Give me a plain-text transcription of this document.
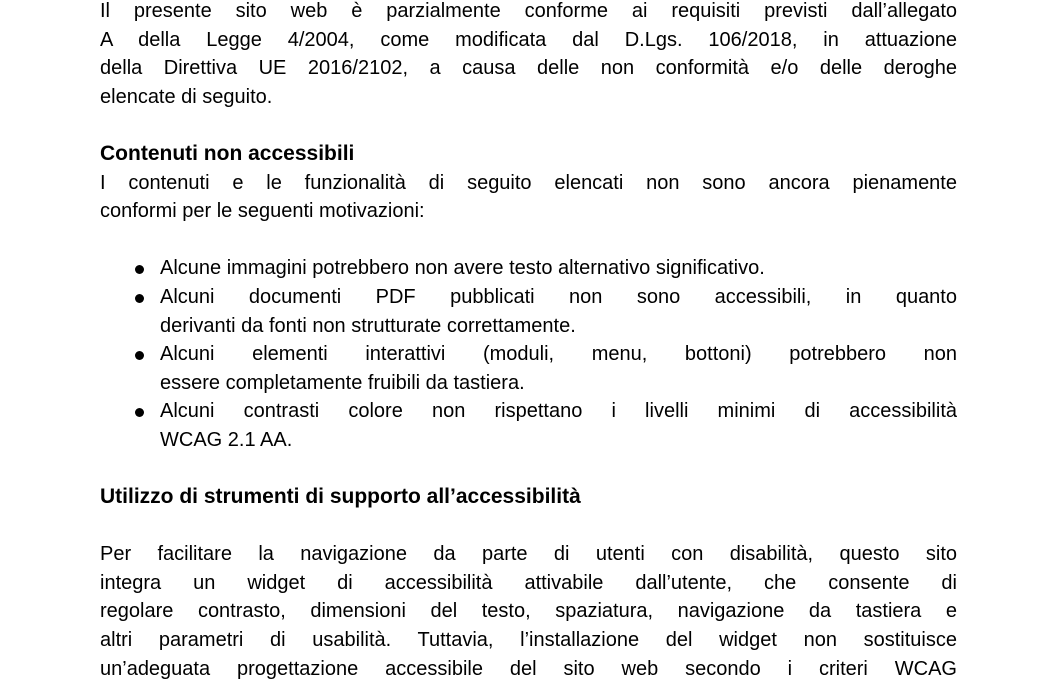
Il presente sito web è parzialmente conforme ai requisiti previsti dall’allegato
A della Legge 4/2004, come modificata dal D.Lgs. 106/2018, in attuazione
della Direttiva UE 2016/2102, a causa delle non conformità e/o delle deroghe
elencate di seguito.
Contenuti non accessibili
I contenuti e le funzionalità di seguito elencati non sono ancora pienamente
conformi per le seguenti motivazioni:
Alcune immagini potrebbero non avere testo alternativo significativo.
Alcuni documenti PDF pubblicati non sono accessibili, in quanto
derivanti da fonti non strutturate correttamente.
Alcuni elementi interattivi (moduli, menu, bottoni) potrebbero non
essere completamente fruibili da tastiera.
Alcuni contrasti colore non rispettano i livelli minimi di accessibilità
WCAG 2.1 AA.
Utilizzo di strumenti di supporto all’accessibilità
Per facilitare la navigazione da parte di utenti con disabilità, questo sito
integra un widget di accessibilità attivabile dall’utente, che consente di
regolare contrasto, dimensioni del testo, spaziatura, navigazione da tastiera e
altri parametri di usabilità. Tuttavia, l’installazione del widget non sostituisce
un’adeguata progettazione accessibile del sito web secondo i criteri WCAG
